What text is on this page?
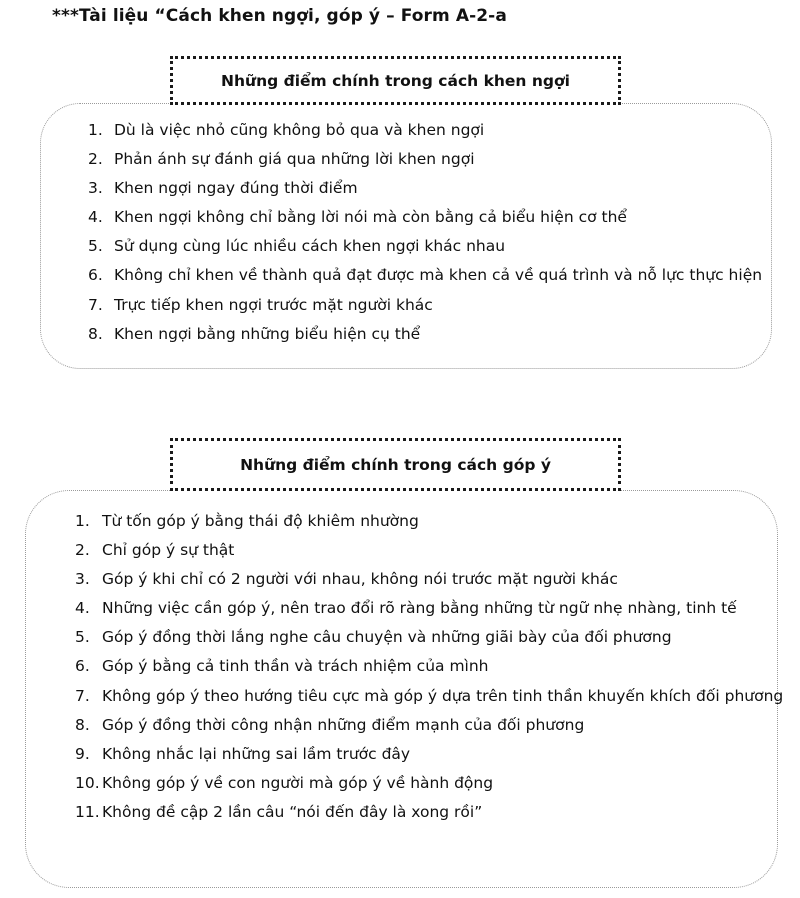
***Tài liệu “Cách khen ngợi, góp ý – Form A-2-a
Những điểm chính trong cách khen ngợi
1. Dù là việc nhỏ cũng không bỏ qua và khen ngợi
2. Phản ánh sự đánh giá qua những lời khen ngợi
3. Khen ngợi ngay đúng thời điểm
4. Khen ngợi không chỉ bằng lời nói mà còn bằng cả biểu hiện cơ thể
5. Sử dụng cùng lúc nhiều cách khen ngợi khác nhau
6. Không chỉ khen về thành quả đạt được mà khen cả về quá trình và nỗ lực thực hiện
7. Trực tiếp khen ngợi trước mặt người khác
8. Khen ngợi bằng những biểu hiện cụ thể
Những điểm chính trong cách góp ý
1. Từ tốn góp ý bằng thái độ khiêm nhường
2. Chỉ góp ý sự thật
3. Góp ý khi chỉ có 2 người với nhau, không nói trước mặt người khác
4. Những việc cần góp ý, nên trao đổi rõ ràng bằng những từ ngữ nhẹ nhàng, tinh tế
5. Góp ý đồng thời lắng nghe câu chuyện và những giãi bày của đối phương
6. Góp ý bằng cả tinh thần và trách nhiệm của mình
7. Không góp ý theo hướng tiêu cực mà góp ý dựa trên tinh thần khuyến khích đối phương
8. Góp ý đồng thời công nhận những điểm mạnh của đối phương
9. Không nhắc lại những sai lầm trước đây
10. Không góp ý về con người mà góp ý về hành động
11. Không đề cập 2 lần câu “nói đến đây là xong rồi”
